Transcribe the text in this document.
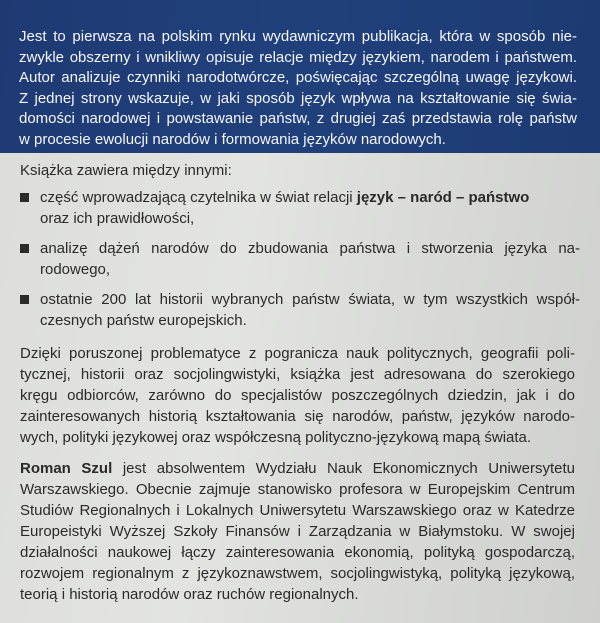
Jest to pierwsza na polskim rynku wydawniczym publikacja, która w sposób nie-
zwykle obszerny i wnikliwy opisuje relacje między językiem, narodem i państwem.
Autor analizuje czynniki narodotwórcze, poświęcając szczególną uwagę językowi.
Z jednej strony wskazuje, w jaki sposób język wpływa na kształtowanie się świa-
domości narodowej i powstawanie państw, z drugiej zaś przedstawia rolę państw
w procesie ewolucji narodów i formowania języków narodowych.

Książka zawiera między innymi:
część wprowadzającą czytelnika w świat relacji język – naród – państwo
oraz ich prawidłowości,
analizę dążeń narodów do zbudowania państwa i stworzenia języka na-
rodowego,
ostatnie 200 lat historii wybranych państw świata, w tym wszystkich współ-
czesnych państw europejskich.
Dzięki poruszonej problematyce z pogranicza nauk politycznych, geografii poli-
tycznej, historii oraz socjolingwistyki, książka jest adresowana do szerokiego
kręgu odbiorców, zarówno do specjalistów poszczególnych dziedzin, jak i do
zainteresowanych historią kształtowania się narodów, państw, języków narodo-
wych, polityki językowej oraz współczesną polityczno-językową mapą świata.
Roman Szul jest absolwentem Wydziału Nauk Ekonomicznych Uniwersytetu
Warszawskiego. Obecnie zajmuje stanowisko profesora w Europejskim Centrum
Studiów Regionalnych i Lokalnych Uniwersytetu Warszawskiego oraz w Katedrze
Europeistyki Wyższej Szkoły Finansów i Zarządzania w Białymstoku. W swojej
działalności naukowej łączy zainteresowania ekonomią, polityką gospodarczą,
rozwojem regionalnym z językoznawstwem, socjolingwistyką, polityką językową,
teorią i historią narodów oraz ruchów regionalnych.
